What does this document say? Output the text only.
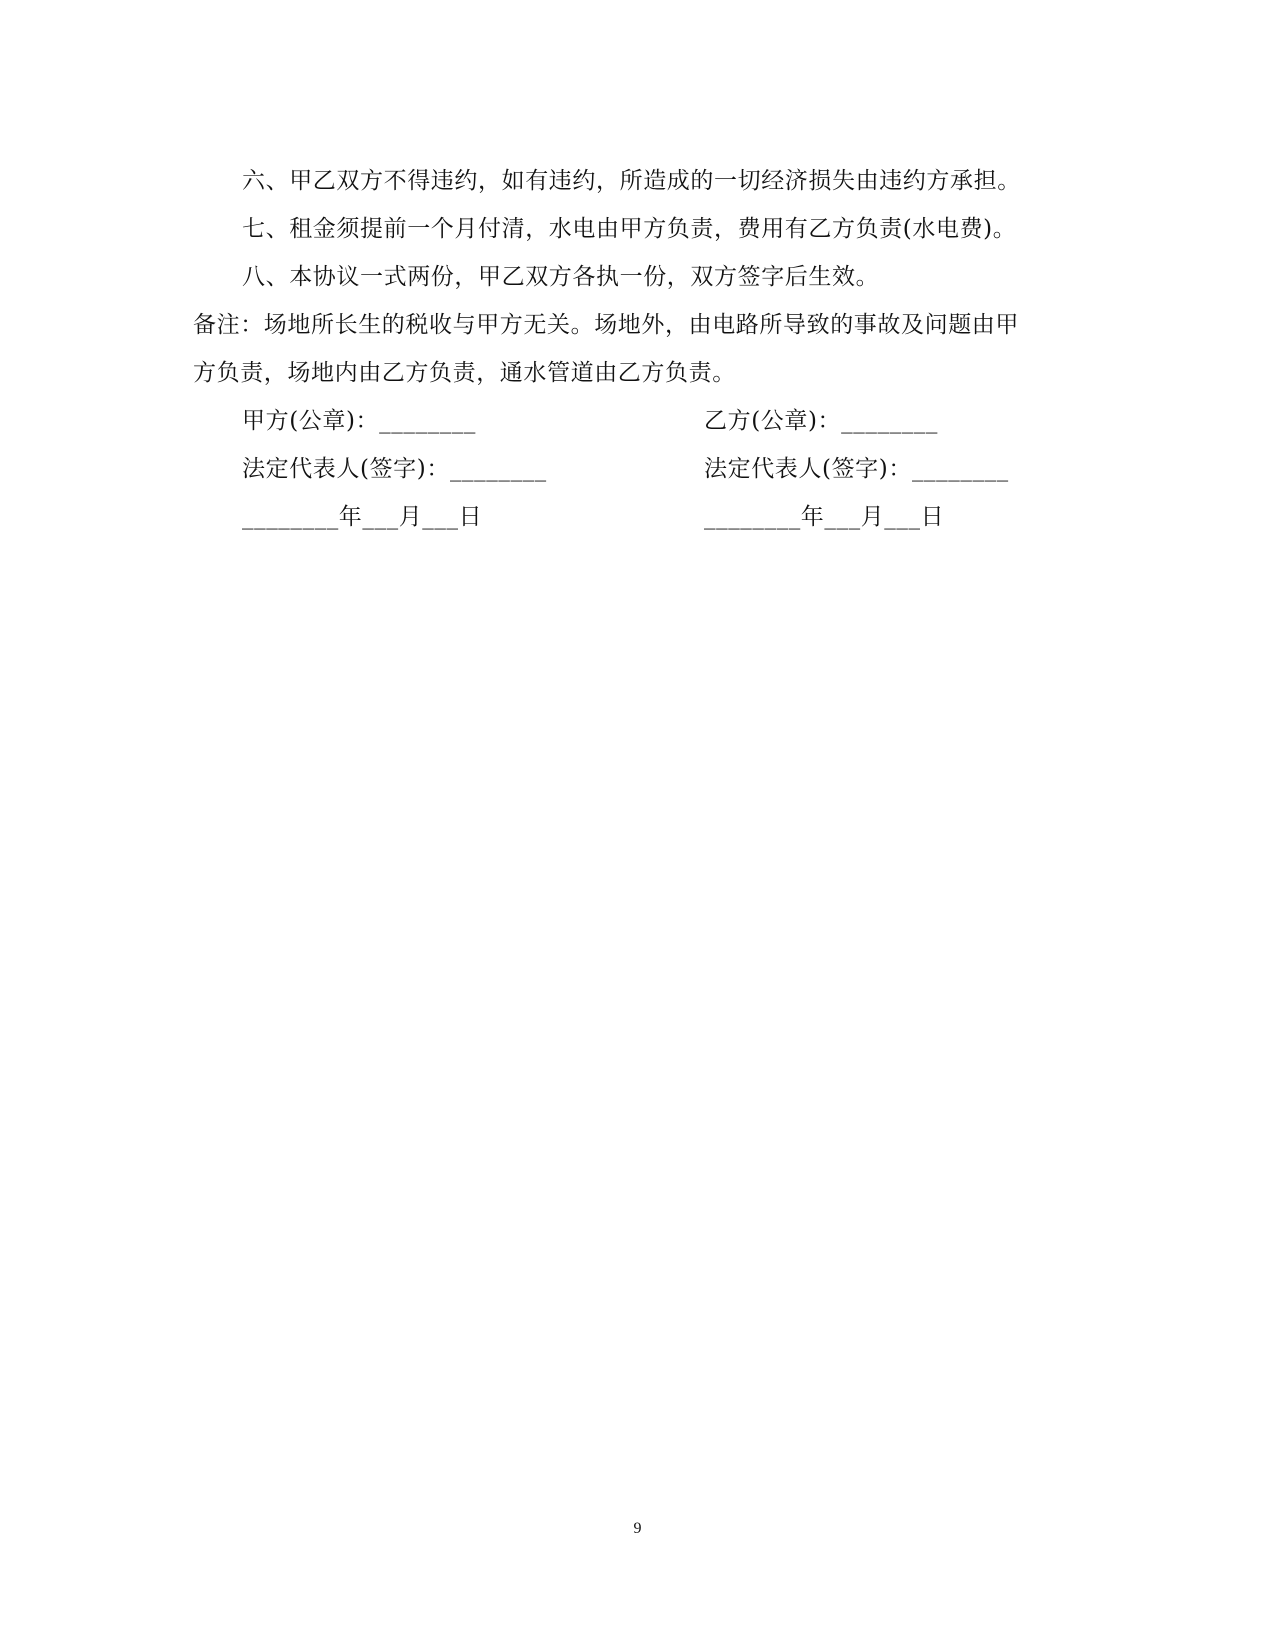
六、甲乙双方不得违约，如有违约，所造成的一切经济损失由违约方承担。
七、租金须提前一个月付清，水电由甲方负责，费用有乙方负责(水电费)。
八、本协议一式两份，甲乙双方各执一份，双方签字后生效。
备注：场地所长生的税收与甲方无关。场地外，由电路所导致的事故及问题由甲
方负责，场地内由乙方负责，通水管道由乙方负责。
甲方(公章)：________	乙方(公章)：________
法定代表人(签字)：________	法定代表人(签字)：________
________年___月___日	________年___月___日
9
